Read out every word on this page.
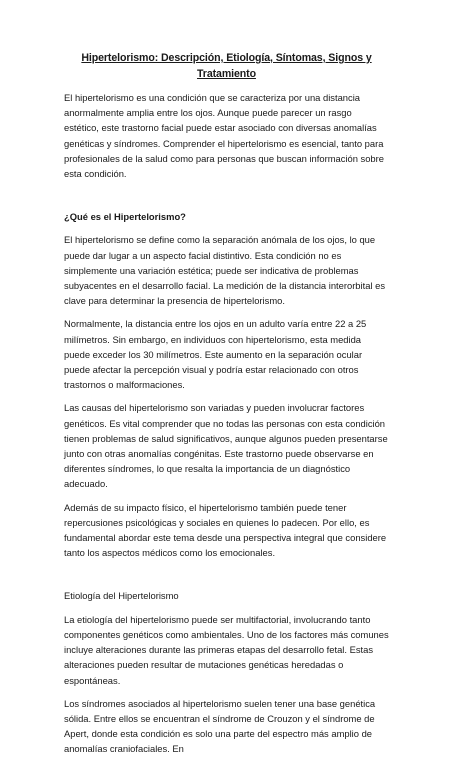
Hipertelorismo: Descripción, Etiología, Síntomas, Signos y Tratamiento

El hipertelorismo es una condición que se caracteriza por una distancia anormalmente amplia entre los ojos. Aunque puede parecer un rasgo estético, este trastorno facial puede estar asociado con diversas anomalías genéticas y síndromes. Comprender el hipertelorismo es esencial, tanto para profesionales de la salud como para personas que buscan información sobre esta condición.

¿Qué es el Hipertelorismo?

El hipertelorismo se define como la separación anómala de los ojos, lo que puede dar lugar a un aspecto facial distintivo. Esta condición no es simplemente una variación estética; puede ser indicativa de problemas subyacentes en el desarrollo facial. La medición de la distancia interorbital es clave para determinar la presencia de hipertelorismo.

Normalmente, la distancia entre los ojos en un adulto varía entre 22 a 25 milímetros. Sin embargo, en individuos con hipertelorismo, esta medida puede exceder los 30 milímetros. Este aumento en la separación ocular puede afectar la percepción visual y podría estar relacionado con otros trastornos o malformaciones.

Las causas del hipertelorismo son variadas y pueden involucrar factores genéticos. Es vital comprender que no todas las personas con esta condición tienen problemas de salud significativos, aunque algunos pueden presentarse junto con otras anomalías congénitas. Este trastorno puede observarse en diferentes síndromes, lo que resalta la importancia de un diagnóstico adecuado.

Además de su impacto físico, el hipertelorismo también puede tener repercusiones psicológicas y sociales en quienes lo padecen. Por ello, es fundamental abordar este tema desde una perspectiva integral que considere tanto los aspectos médicos como los emocionales.

Etiología del Hipertelorismo

La etiología del hipertelorismo puede ser multifactorial, involucrando tanto componentes genéticos como ambientales. Uno de los factores más comunes incluye alteraciones durante las primeras etapas del desarrollo fetal. Estas alteraciones pueden resultar de mutaciones genéticas heredadas o espontáneas.

Los síndromes asociados al hipertelorismo suelen tener una base genética sólida. Entre ellos se encuentran el síndrome de Crouzon y el síndrome de Apert, donde esta condición es solo una parte del espectro más amplio de anomalías craniofaciales. En
